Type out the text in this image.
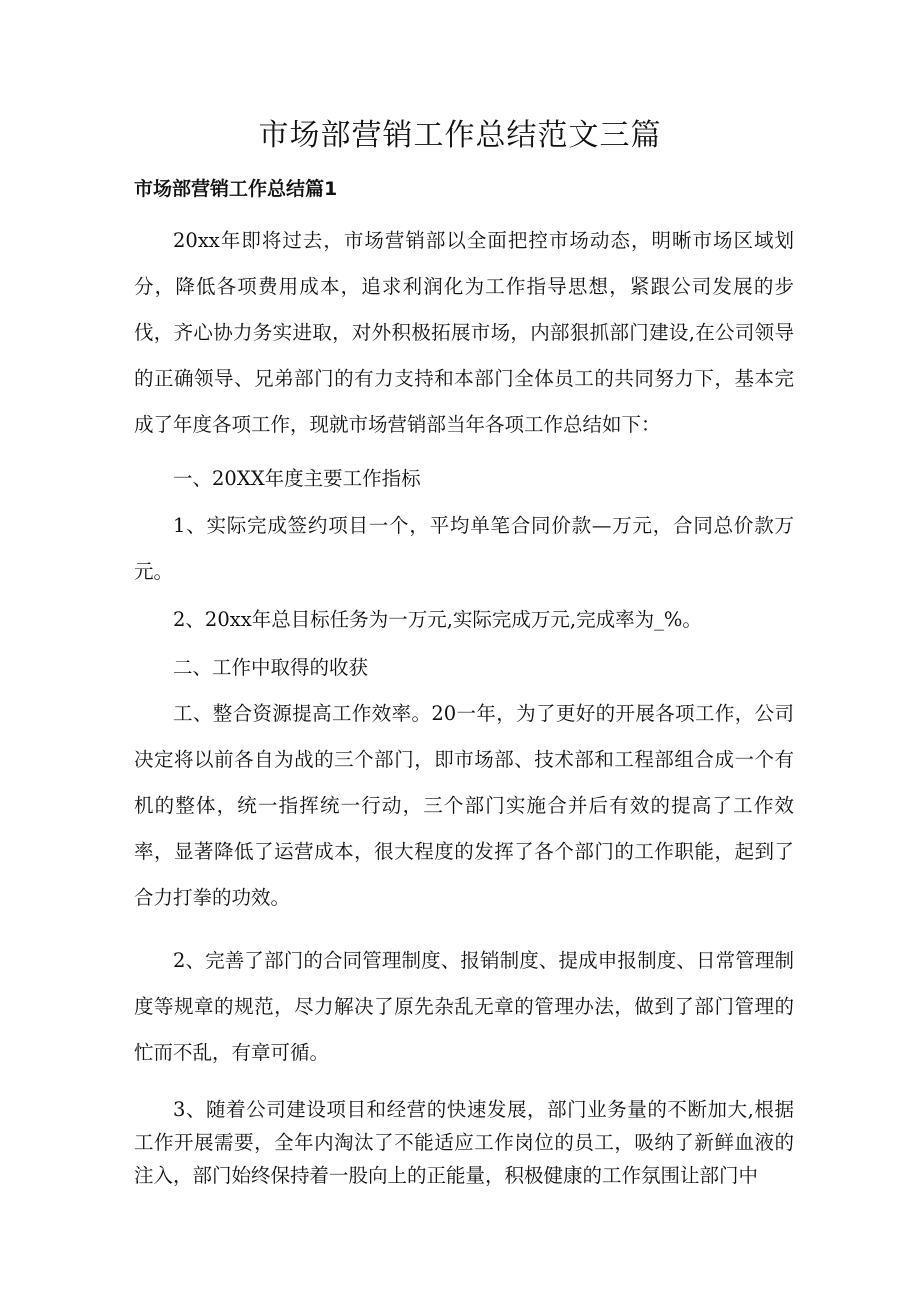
市场部营销工作总结范文三篇
市场部营销工作总结篇1

20xx年即将过去，市场营销部以全面把控市场动态，明晰市场区域划分，降低各项费用成本，追求利润化为工作指导思想，紧跟公司发展的步伐，齐心协力务实进取，对外积极拓展市场，内部狠抓部门建设,在公司领导的正确领导、兄弟部门的有力支持和本部门全体员工的共同努力下，基本完成了年度各项工作，现就市场营销部当年各项工作总结如下：

一、20XX年度主要工作指标

1、实际完成签约项目一个，平均单笔合同价款—万元，合同总价款万元。

2、20xx年总目标任务为一万元,实际完成万元,完成率为_%。

二、工作中取得的收获

工、整合资源提高工作效率。20一年，为了更好的开展各项工作，公司决定将以前各自为战的三个部门，即市场部、技术部和工程部组合成一个有机的整体，统一指挥统一行动，三个部门实施合并后有效的提高了工作效率，显著降低了运营成本，很大程度的发挥了各个部门的工作职能，起到了合力打拳的功效。

2、完善了部门的合同管理制度、报销制度、提成申报制度、日常管理制度等规章的规范，尽力解决了原先杂乱无章的管理办法，做到了部门管理的忙而不乱，有章可循。

3、随着公司建设项目和经营的快速发展，部门业务量的不断加大,根据工作开展需要，全年内淘汰了不能适应工作岗位的员工，吸纳了新鲜血液的注入，部门始终保持着一股向上的正能量，积极健康的工作氛围让部门中
